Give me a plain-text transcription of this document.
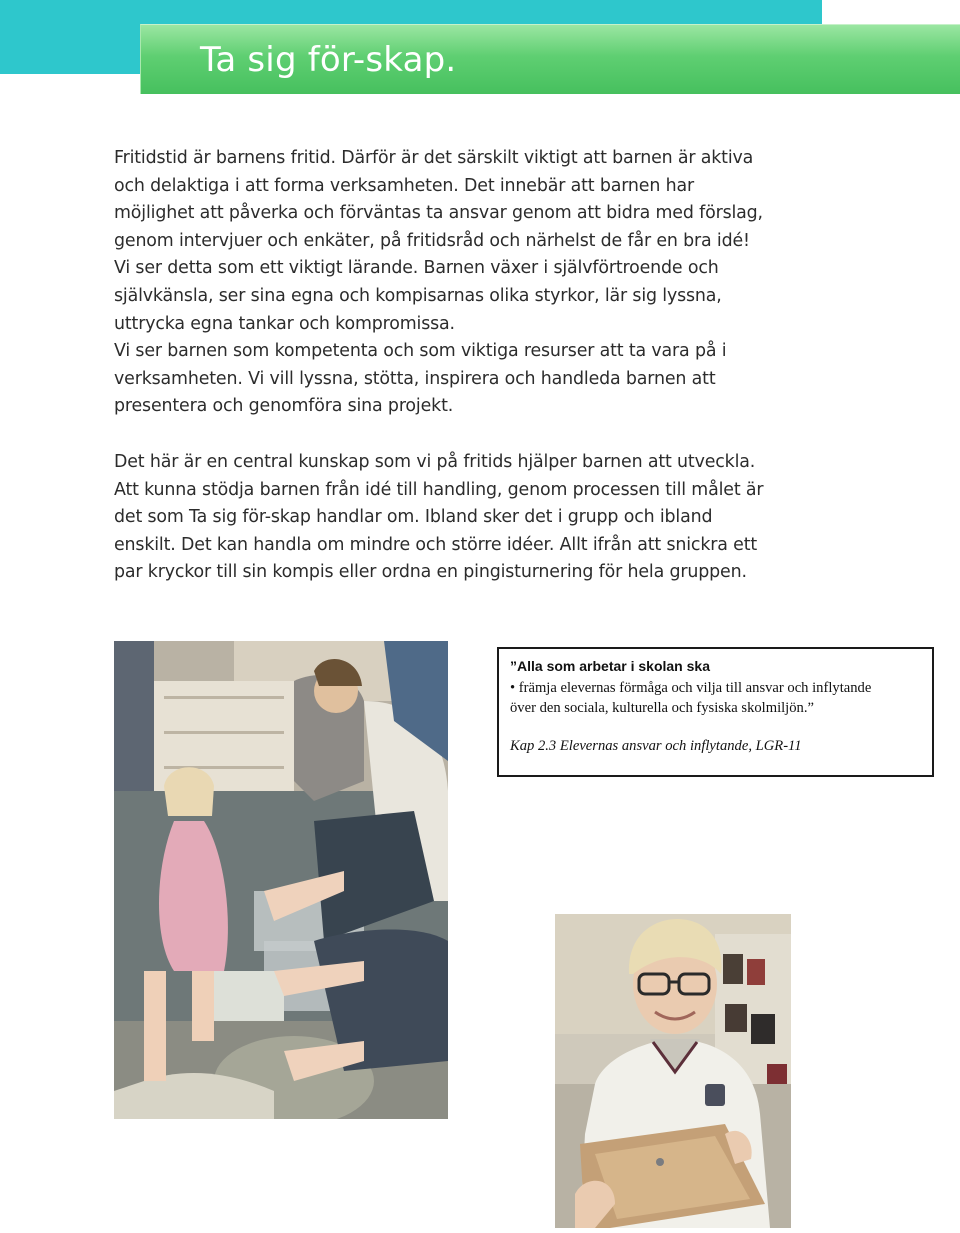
Ta sig för-skap.

Fritidstid är barnens fritid. Därför är det särskilt viktigt att barnen är aktiva
och delaktiga i att forma verksamheten. Det innebär att barnen har
möjlighet att påverka och förväntas ta ansvar genom att bidra med förslag,
genom intervjuer och enkäter, på fritidsråd och närhelst de får en bra idé!
Vi ser detta som ett viktigt lärande. Barnen växer i självförtroende och
självkänsla, ser sina egna och kompisarnas olika styrkor, lär sig lyssna,
uttrycka egna tankar och kompromissa.
Vi ser barnen som kompetenta och som viktiga resurser att ta vara på i
verksamheten. Vi vill lyssna, stötta, inspirera och handleda barnen att
presentera och genomföra sina projekt.

Det här är en central kunskap som vi på fritids hjälper barnen att utveckla.
Att kunna stödja barnen från idé till handling, genom processen till målet är
det som Ta sig för-skap handlar om. Ibland sker det i grupp och ibland
enskilt. Det kan handla om mindre och större idéer. Allt ifrån att snickra ett
par kryckor till sin kompis eller ordna en pingisturnering för hela gruppen.

”Alla som arbetar i skolan ska
• främja elevernas förmåga och vilja till ansvar och inflytande
över den sociala, kulturella och fysiska skolmiljön.”
Kap 2.3 Elevernas ansvar och inflytande, LGR-11
